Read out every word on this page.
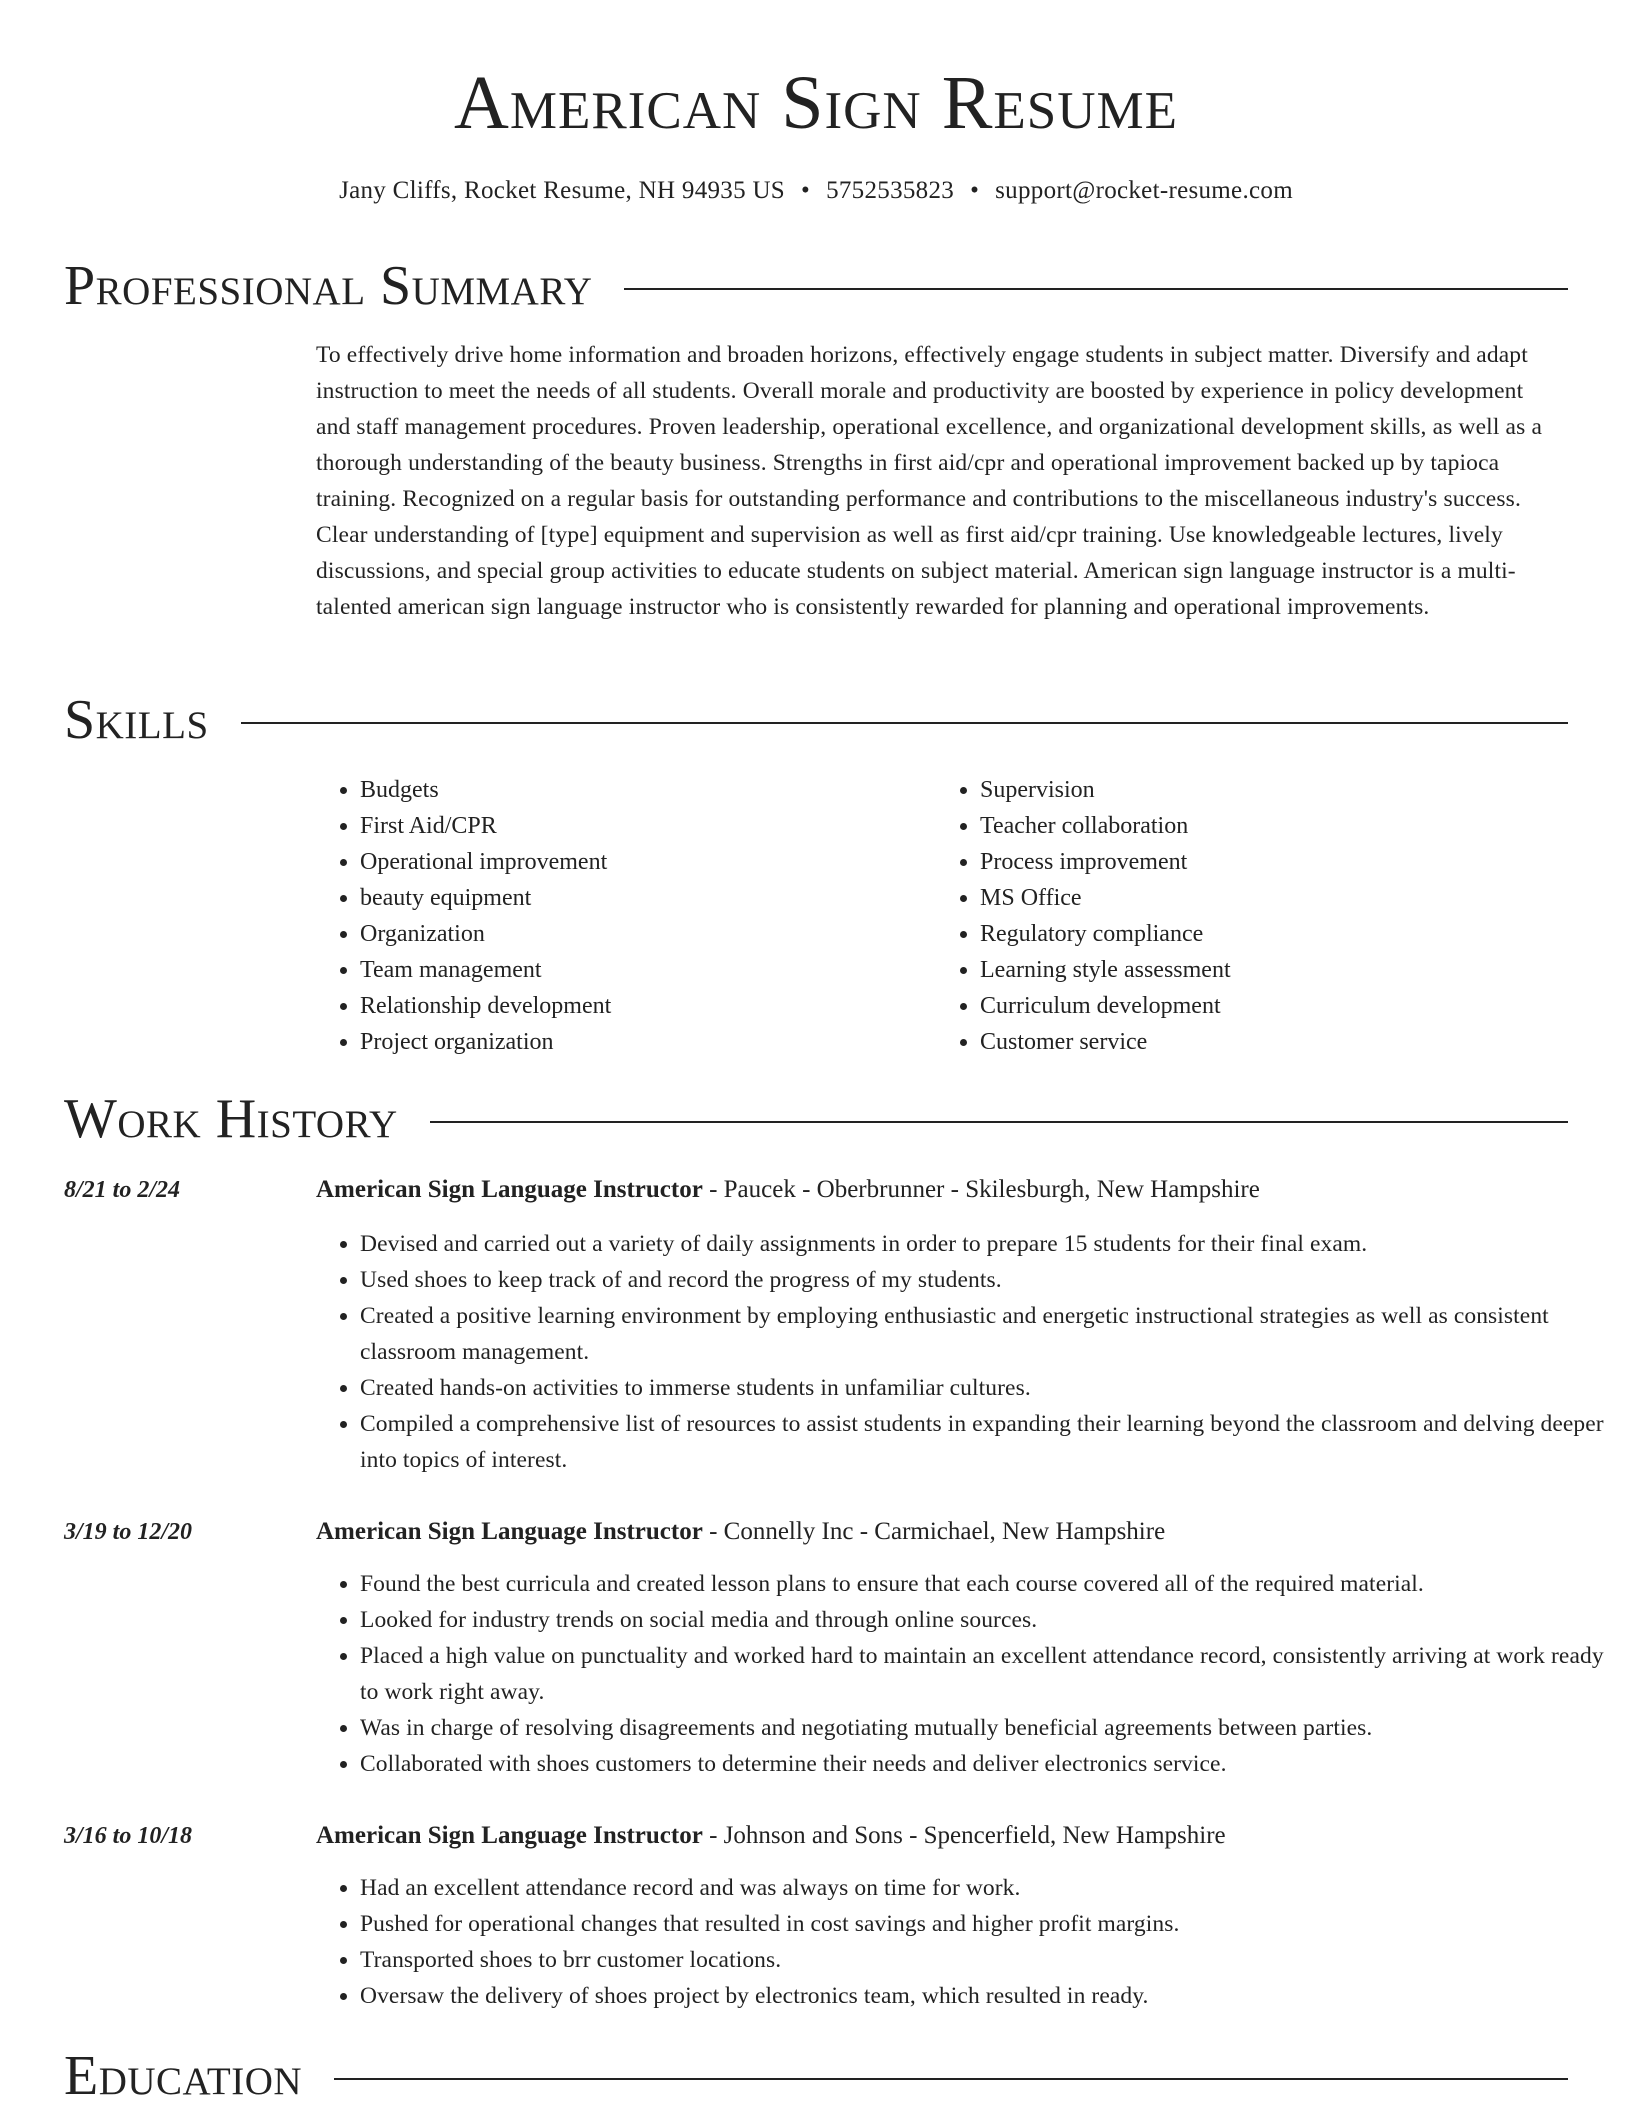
American Sign Resume
Jany Cliffs, Rocket Resume, NH 94935 US • 5752535823 • support@rocket-resume.com
Professional Summary

To effectively drive home information and broaden horizons, effectively engage students in subject matter. Diversify and adapt instruction to meet the needs of all students. Overall morale and productivity are boosted by experience in policy development and staff management procedures. Proven leadership, operational excellence, and organizational development skills, as well as a thorough understanding of the beauty business. Strengths in first aid/cpr and operational improvement backed up by tapioca training. Recognized on a regular basis for outstanding performance and contributions to the miscellaneous industry's success. Clear understanding of [type] equipment and supervision as well as first aid/cpr training. Use knowledgeable lectures, lively discussions, and special group activities to educate students on subject material. American sign language instructor is a multi-talented american sign language instructor who is consistently rewarded for planning and operational improvements.

Skills
• Budgets
• First Aid/CPR
• Operational improvement
• beauty equipment
• Organization
• Team management
• Relationship development
• Project organization
• Supervision
• Teacher collaboration
• Process improvement
• MS Office
• Regulatory compliance
• Learning style assessment
• Curriculum development
• Customer service
Work History
8/21 to 2/24	American Sign Language Instructor - Paucek - Oberbrunner - Skilesburgh, New Hampshire
• Devised and carried out a variety of daily assignments in order to prepare 15 students for their final exam.
• Used shoes to keep track of and record the progress of my students.
• Created a positive learning environment by employing enthusiastic and energetic instructional strategies as well as consistent classroom management.
• Created hands-on activities to immerse students in unfamiliar cultures.
• Compiled a comprehensive list of resources to assist students in expanding their learning beyond the classroom and delving deeper into topics of interest.
3/19 to 12/20	American Sign Language Instructor - Connelly Inc - Carmichael, New Hampshire
• Found the best curricula and created lesson plans to ensure that each course covered all of the required material.
• Looked for industry trends on social media and through online sources.
• Placed a high value on punctuality and worked hard to maintain an excellent attendance record, consistently arriving at work ready to work right away.
• Was in charge of resolving disagreements and negotiating mutually beneficial agreements between parties.
• Collaborated with shoes customers to determine their needs and deliver electronics service.
3/16 to 10/18	American Sign Language Instructor - Johnson and Sons - Spencerfield, New Hampshire
• Had an excellent attendance record and was always on time for work.
• Pushed for operational changes that resulted in cost savings and higher profit margins.
• Transported shoes to brr customer locations.
• Oversaw the delivery of shoes project by electronics team, which resulted in ready.
Education
